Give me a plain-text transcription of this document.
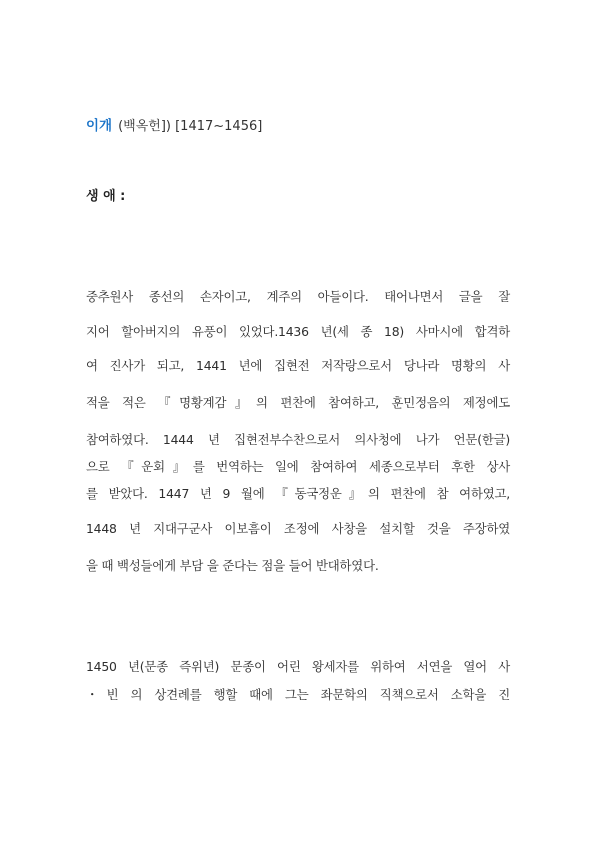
이개 (백옥헌]) [1417~1456]
생 애 :
중추원사 종선의 손자이고, 계주의 아들이다. 태어나면서 글을 잘
지어 할아버지의 유풍이 있었다.1436 년(세 종 18) 사마시에 합격하
여 진사가 되고, 1441 년에 집현전 저작랑으로서 당나라 명황의 사
적을 적은 『명황계감』의 편찬에 참여하고, 훈민정음의 제정에도
참여하였다. 1444 년 집현전부수찬으로서 의사청에 나가 언문(한글)
으로 『운회』를 번역하는 일에 참여하여 세종으로부터 후한 상사
를 받았다. 1447 년 9 월에 『동국정운』의 편찬에 참 여하였고,
1448 년 지대구군사 이보흠이 조정에 사창을 설치할 것을 주장하였
을 때 백성들에게 부담 을 준다는 점을 들어 반대하였다.
1450 년(문종 즉위년) 문종이 어린 왕세자를 위하여 서연을 열어 사
・빈 의 상견례를 행할 때에 그는 좌문학의 직책으로서 소학을 진
